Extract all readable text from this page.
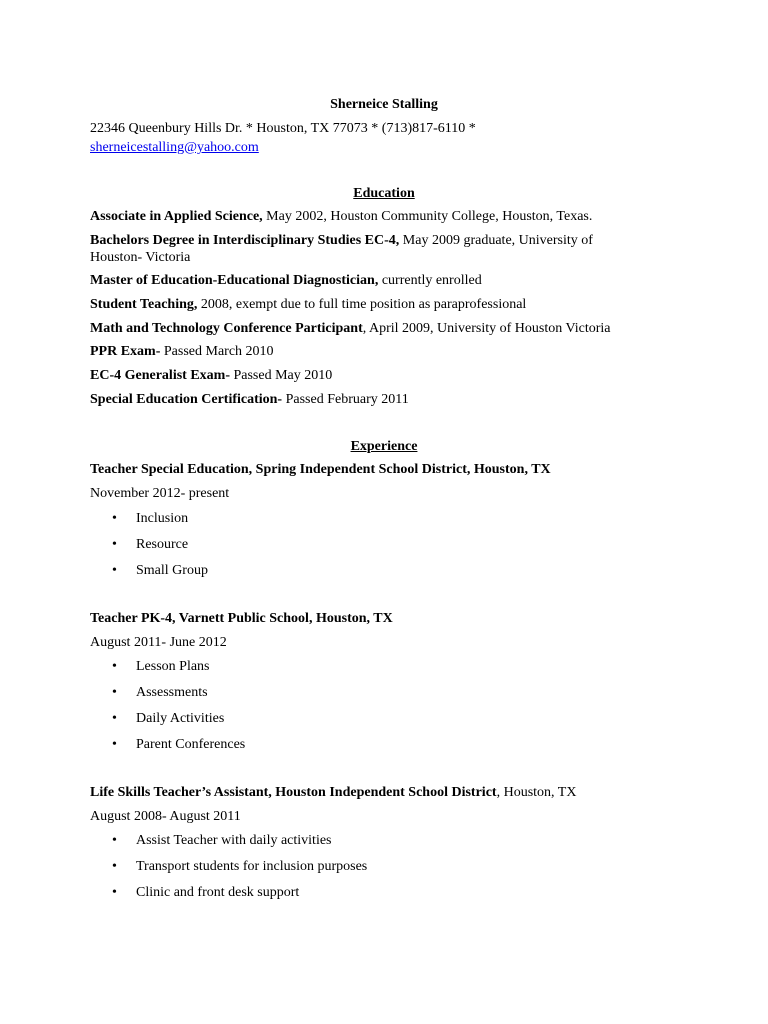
Sherneice Stalling
22346 Queenbury Hills Dr. * Houston, TX 77073 * (713)817-6110 *
sherneicestalling@yahoo.com
Education
Associate in Applied Science, May 2002, Houston Community College, Houston, Texas.
Bachelors Degree in Interdisciplinary Studies EC-4, May 2009 graduate, University of
Houston- Victoria
Master of Education-Educational Diagnostician, currently enrolled
Student Teaching, 2008, exempt due to full time position as paraprofessional
Math and Technology Conference Participant, April 2009, University of Houston Victoria
PPR Exam- Passed March 2010
EC-4 Generalist Exam- Passed May 2010
Special Education Certification- Passed February 2011
Experience
Teacher Special Education, Spring Independent School District, Houston, TX
November 2012- present
• Inclusion
• Resource
• Small Group
Teacher PK-4, Varnett Public School, Houston, TX
August 2011- June 2012
• Lesson Plans
• Assessments
• Daily Activities
• Parent Conferences
Life Skills Teacher’s Assistant, Houston Independent School District, Houston, TX
August 2008- August 2011
• Assist Teacher with daily activities
• Transport students for inclusion purposes
• Clinic and front desk support
